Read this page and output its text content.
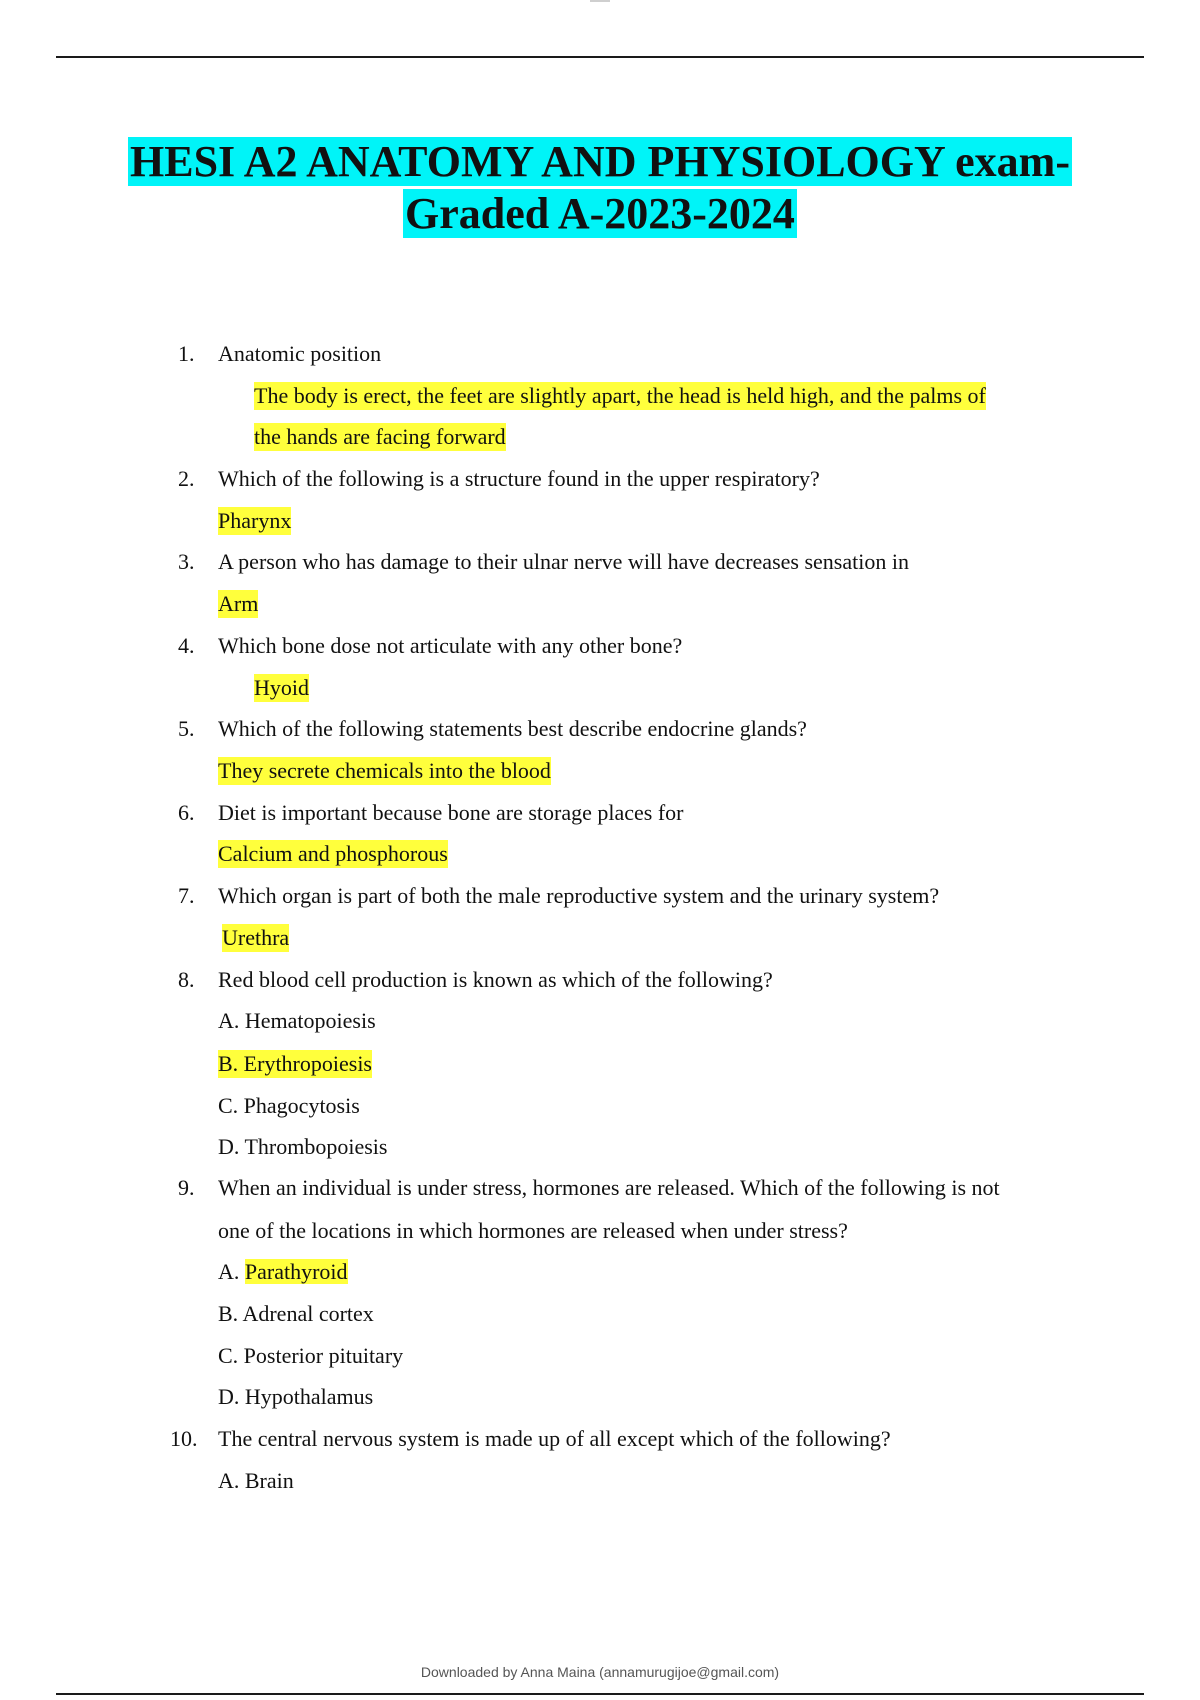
HESI A2 ANATOMY AND PHYSIOLOGY exam-
Graded A-2023-2024
1. Anatomic position
The body is erect, the feet are slightly apart, the head is held high, and the palms of
the hands are facing forward
2. Which of the following is a structure found in the upper respiratory?
Pharynx
3. A person who has damage to their ulnar nerve will have decreases sensation in
Arm
4. Which bone dose not articulate with any other bone?
Hyoid
5. Which of the following statements best describe endocrine glands?
They secrete chemicals into the blood
6. Diet is important because bone are storage places for
Calcium and phosphorous
7. Which organ is part of both the male reproductive system and the urinary system?
Urethra
8. Red blood cell production is known as which of the following?
A. Hematopoiesis
B. Erythropoiesis
C. Phagocytosis
D. Thrombopoiesis
9. When an individual is under stress, hormones are released. Which of the following is not
one of the locations in which hormones are released when under stress?
A. Parathyroid
B. Adrenal cortex
C. Posterior pituitary
D. Hypothalamus
10. The central nervous system is made up of all except which of the following?
A. Brain
Downloaded by Anna Maina (annamurugijoe@gmail.com)
